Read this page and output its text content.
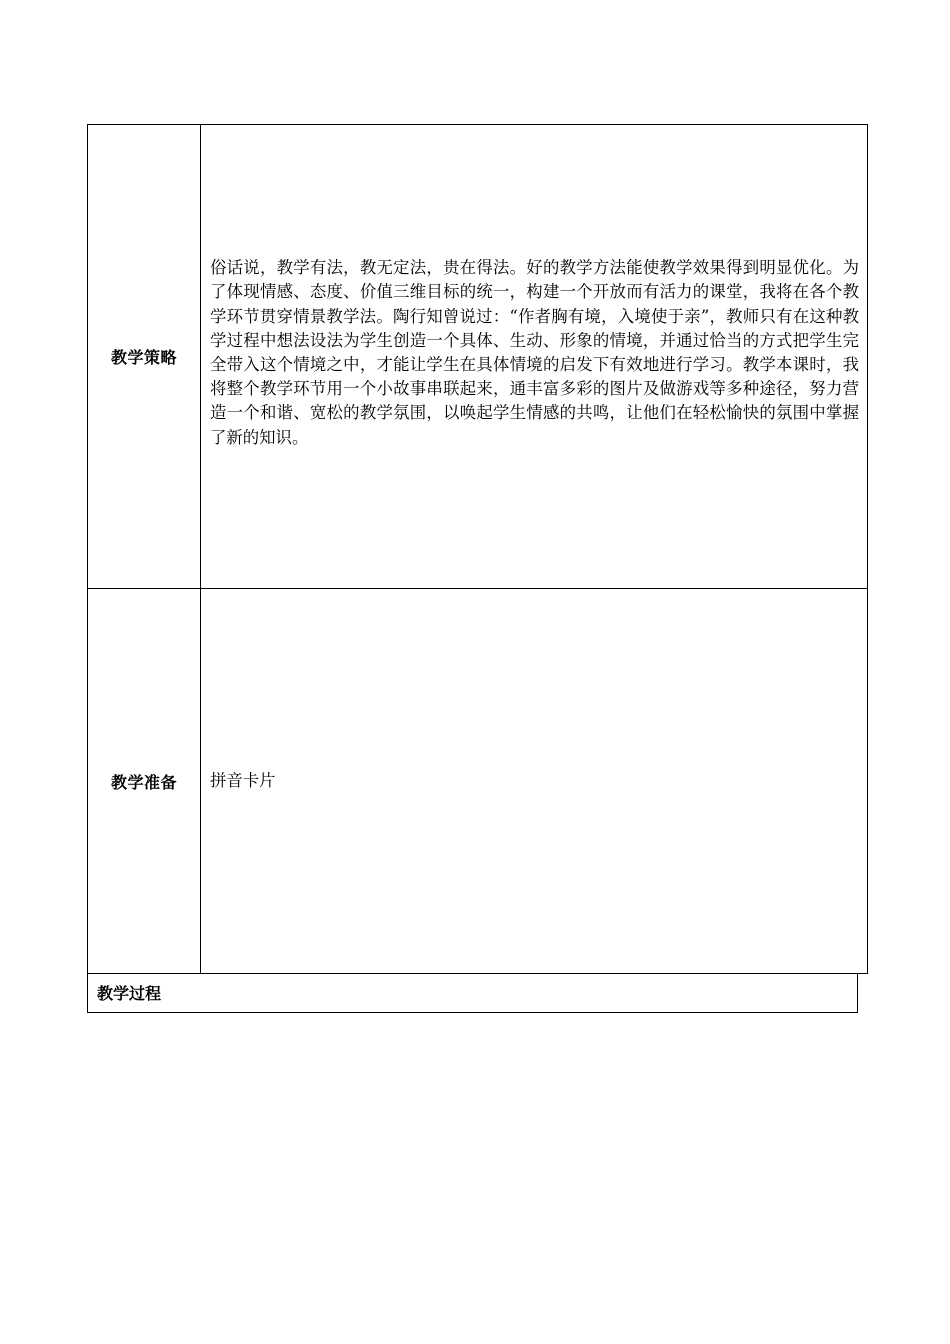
教学策略
俗话说，教学有法，教无定法，贵在得法。好的教学方法能使教学效果得到明显优化。为了体现情感、态度、价值三维目标的统一，构建一个开放而有活力的课堂，我将在各个教学环节贯穿情景教学法。陶行知曾说过：“作者胸有境，入境使于亲”，教师只有在这种教学过程中想法设法为学生创造一个具体、生动、形象的情境，并通过恰当的方式把学生完全带入这个情境之中，才能让学生在具体情境的启发下有效地进行学习。教学本课时，我将整个教学环节用一个小故事串联起来，通丰富多彩的图片及做游戏等多种途径，努力营造一个和谐、宽松的教学氛围，以唤起学生情感的共鸣，让他们在轻松愉快的氛围中掌握了新的知识。
教学准备 拼音卡片
教学过程
